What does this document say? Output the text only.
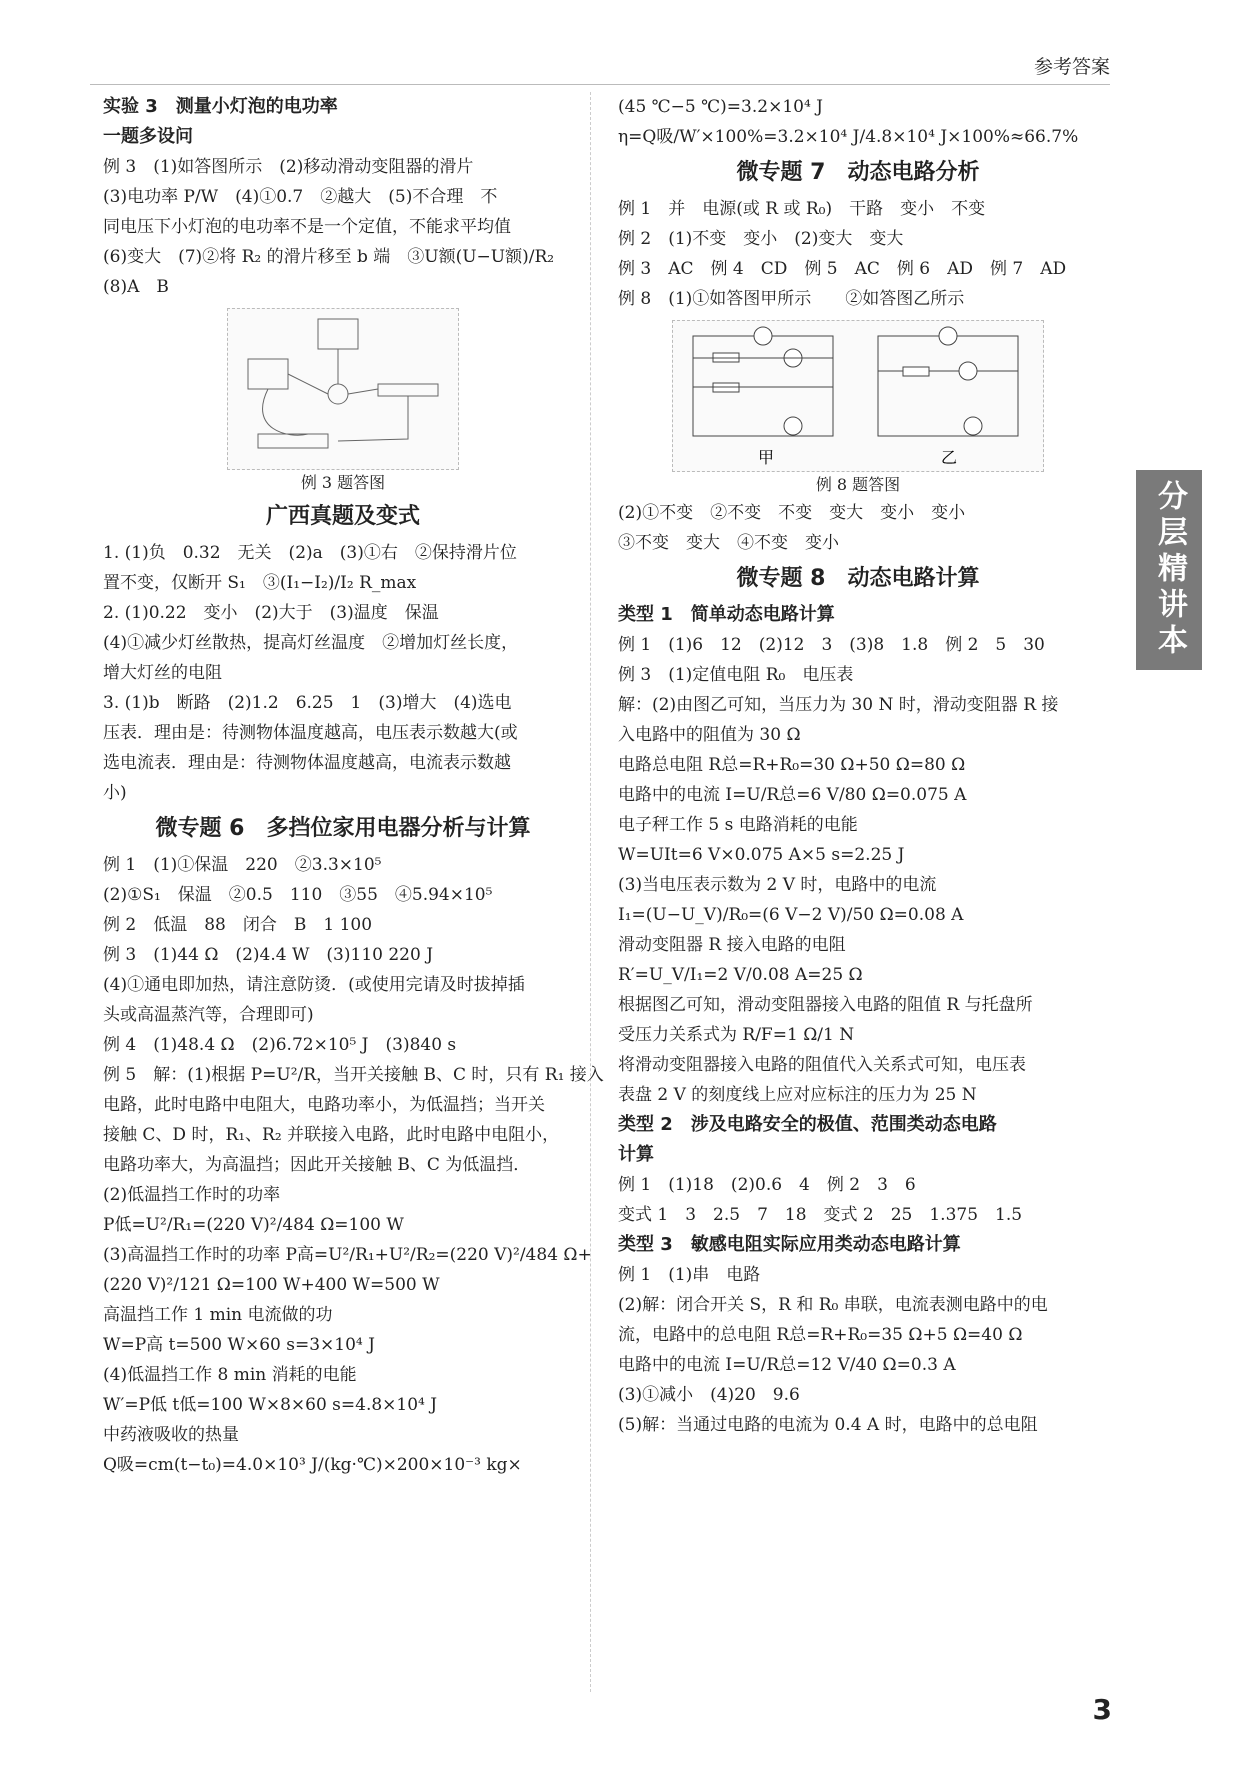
参考答案
实验 3　测量小灯泡的电功率
一题多设问
例 3　(1)如答图所示　(2)移动滑动变阻器的滑片
(3)电功率 P/W　(4)①0.7　②越大　(5)不合理　不
同电压下小灯泡的电功率不是一个定值，不能求平均值
(6)变大　(7)②将 R₂ 的滑片移至 b 端　③U额(U−U额)/R₂
(8)A　B
例 3 题答图
广西真题及变式
1. (1)负　0.32　无关　(2)a　(3)①右　②保持滑片位
置不变，仅断开 S₁　③(I₁−I₂)/I₂ R_max
2. (1)0.22　变小　(2)大于　(3)温度　保温
(4)①减少灯丝散热，提高灯丝温度　②增加灯丝长度，
增大灯丝的电阻
3. (1)b　断路　(2)1.2　6.25　1　(3)增大　(4)选电
压表．理由是：待测物体温度越高，电压表示数越大(或
选电流表．理由是：待测物体温度越高，电流表示数越
小)
微专题 6　多挡位家用电器分析与计算
例 1　(1)①保温　220　②3.3×10⁵
(2)①S₁　保温　②0.5　110　③55　④5.94×10⁵
例 2　低温　88　闭合　B　1 100
例 3　(1)44 Ω　(2)4.4 W　(3)110 220 J
(4)①通电即加热，请注意防烫．(或使用完请及时拔掉插
头或高温蒸汽等，合理即可)
例 4　(1)48.4 Ω　(2)6.72×10⁵ J　(3)840 s
例 5　解：(1)根据 P=U²/R，当开关接触 B、C 时，只有 R₁ 接入
电路，此时电路中电阻大，电路功率小，为低温挡；当开关
接触 C、D 时，R₁、R₂ 并联接入电路，此时电路中电阻小，
电路功率大，为高温挡；因此开关接触 B、C 为低温挡．
(2)低温挡工作时的功率
P低=U²/R₁=(220 V)²/484 Ω=100 W
(3)高温挡工作时的功率 P高=U²/R₁+U²/R₂=(220 V)²/484 Ω+
(220 V)²/121 Ω=100 W+400 W=500 W
高温挡工作 1 min 电流做的功
W=P高 t=500 W×60 s=3×10⁴ J
(4)低温挡工作 8 min 消耗的电能
W′=P低 t低=100 W×8×60 s=4.8×10⁴ J
中药液吸收的热量
Q吸=cm(t−t₀)=4.0×10³ J/(kg·℃)×200×10⁻³ kg×
(45 ℃−5 ℃)=3.2×10⁴ J
η=Q吸/W′×100%=3.2×10⁴ J/4.8×10⁴ J×100%≈66.7%
微专题 7　动态电路分析
例 1　并　电源(或 R 或 R₀)　干路　变小　不变
例 2　(1)不变　变小　(2)变大　变大
例 3　AC　例 4　CD　例 5　AC　例 6　AD　例 7　AD
例 8　(1)①如答图甲所示　　②如答图乙所示
甲	乙
例 8 题答图
(2)①不变　②不变　不变　变大　变小　变小
③不变　变大　④不变　变小
微专题 8　动态电路计算
类型 1　简单动态电路计算
例 1　(1)6　12　(2)12　3　(3)8　1.8　例 2　5　30
例 3　(1)定值电阻 R₀　电压表
解：(2)由图乙可知，当压力为 30 N 时，滑动变阻器 R 接
入电路中的阻值为 30 Ω
电路总电阻 R总=R+R₀=30 Ω+50 Ω=80 Ω
电路中的电流 I=U/R总=6 V/80 Ω=0.075 A
电子秤工作 5 s 电路消耗的电能
W=UIt=6 V×0.075 A×5 s=2.25 J
(3)当电压表示数为 2 V 时，电路中的电流
I₁=(U−U_V)/R₀=(6 V−2 V)/50 Ω=0.08 A
滑动变阻器 R 接入电路的电阻
R′=U_V/I₁=2 V/0.08 A=25 Ω
根据图乙可知，滑动变阻器接入电路的阻值 R 与托盘所
受压力关系式为 R/F=1 Ω/1 N
将滑动变阻器接入电路的阻值代入关系式可知，电压表
表盘 2 V 的刻度线上应对应标注的压力为 25 N
类型 2　涉及电路安全的极值、范围类动态电路
计算
例 1　(1)18　(2)0.6　4　例 2　3　6
变式 1　3　2.5　7　18　变式 2　25　1.375　1.5
类型 3　敏感电阻实际应用类动态电路计算
例 1　(1)串　电路
(2)解：闭合开关 S，R 和 R₀ 串联，电流表测电路中的电
流，电路中的总电阻 R总=R+R₀=35 Ω+5 Ω=40 Ω
电路中的电流 I=U/R总=12 V/40 Ω=0.3 A
(3)①减小　(4)20　9.6
(5)解：当通过电路的电流为 0.4 A 时，电路中的总电阻
分层精讲本
3
